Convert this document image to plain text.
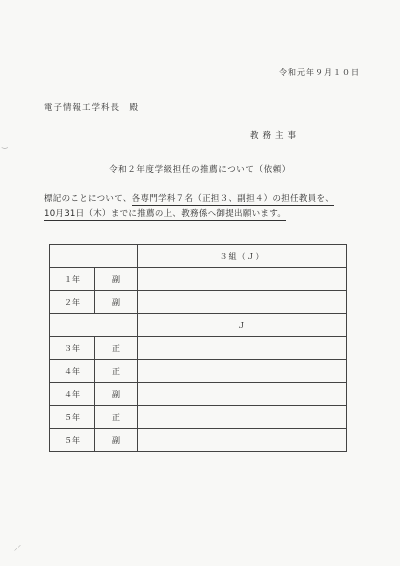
令和元年９月１０日
電子情報工学科長　殿
教務主事
令和２年度学級担任の推薦について（依頼）
標記のことについて、各専門学科７名（正担３、副担４）の担任教員を、
10月31日（木）までに推薦の上、教務係へ御提出願います。
		３組（Ｊ）
１年	副	
２年	副	
		Ｊ
３年	正	
４年	正	
４年	副	
５年	正	
５年	副	
‿
⸝⸍
